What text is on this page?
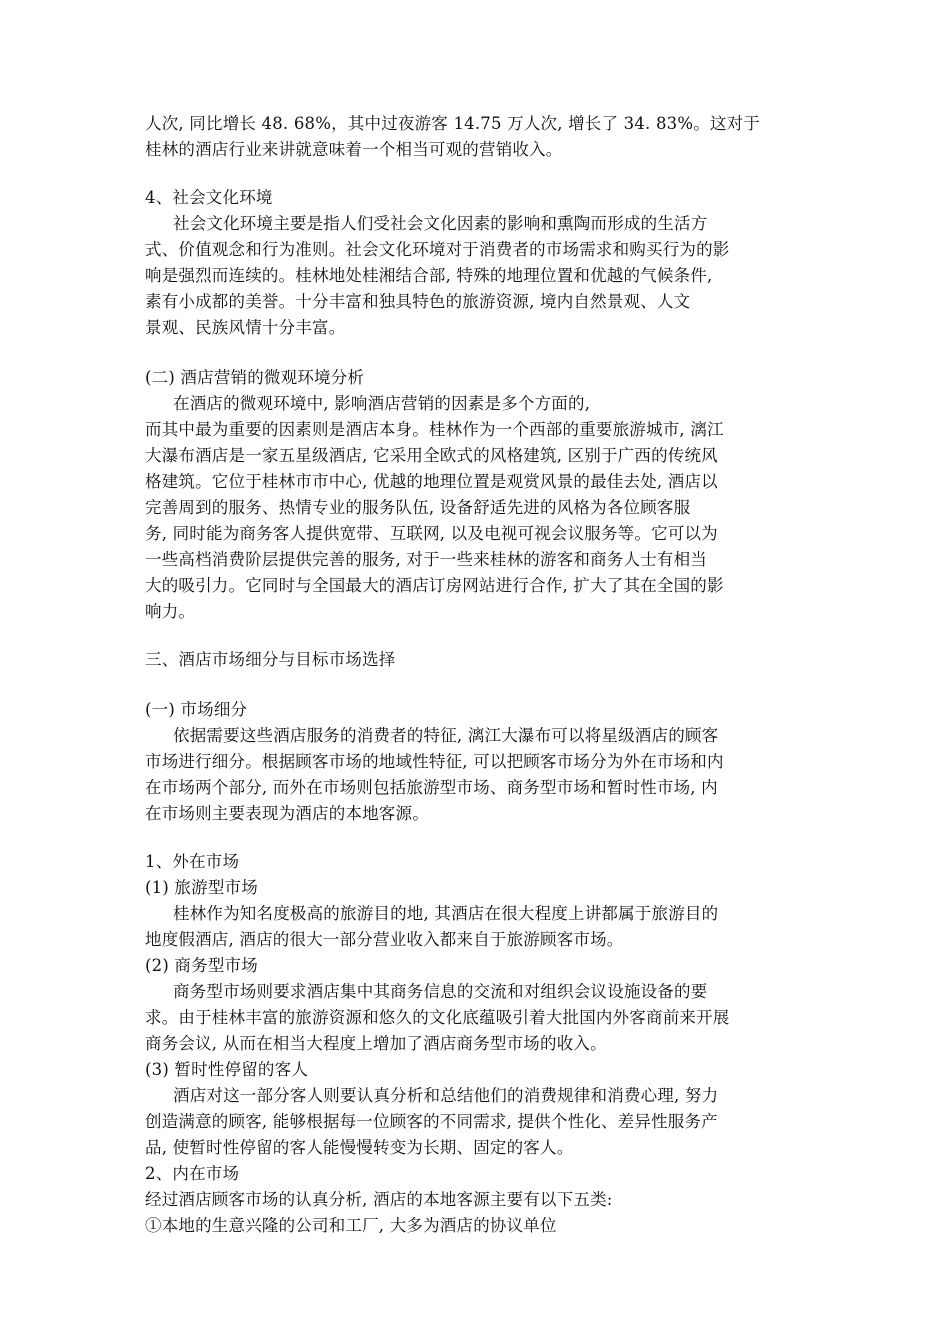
人次, 同比增长 48. 68%，其中过夜游客 14.75 万人次, 增长了 34. 83%。这对于
桂林的酒店行业来讲就意味着一个相当可观的营销收入。
4、社会文化环境
社会文化环境主要是指人们受社会文化因素的影响和熏陶而形成的生活方
式、价值观念和行为准则。社会文化环境对于消费者的市场需求和购买行为的影
响是强烈而连续的。桂林地处桂湘结合部, 特殊的地理位置和优越的气候条件,
素有小成都的美誉。十分丰富和独具特色的旅游资源, 境内自然景观、人文
景观、民族风情十分丰富。
(二) 酒店营销的微观环境分析
在酒店的微观环境中, 影响酒店营销的因素是多个方面的,
而其中最为重要的因素则是酒店本身。桂林作为一个西部的重要旅游城市, 漓江
大瀑布酒店是一家五星级酒店, 它采用全欧式的风格建筑, 区别于广西的传统风
格建筑。它位于桂林市市中心, 优越的地理位置是观赏风景的最佳去处, 酒店以
完善周到的服务、热情专业的服务队伍, 设备舒适先进的风格为各位顾客服
务, 同时能为商务客人提供宽带、互联网, 以及电视可视会议服务等。它可以为
一些高档消费阶层提供完善的服务, 对于一些来桂林的游客和商务人士有相当
大的吸引力。它同时与全国最大的酒店订房网站进行合作, 扩大了其在全国的影
响力。
三、酒店市场细分与目标市场选择
(一) 市场细分
依据需要这些酒店服务的消费者的特征, 漓江大瀑布可以将星级酒店的顾客
市场进行细分。根据顾客市场的地域性特征, 可以把顾客市场分为外在市场和内
在市场两个部分, 而外在市场则包括旅游型市场、商务型市场和暂时性市场, 内
在市场则主要表现为酒店的本地客源。
1、外在市场
(1) 旅游型市场
桂林作为知名度极高的旅游目的地, 其酒店在很大程度上讲都属于旅游目的
地度假酒店, 酒店的很大一部分营业收入都来自于旅游顾客市场。
(2) 商务型市场
商务型市场则要求酒店集中其商务信息的交流和对组织会议设施设备的要
求。由于桂林丰富的旅游资源和悠久的文化底蕴吸引着大批国内外客商前来开展
商务会议, 从而在相当大程度上增加了酒店商务型市场的收入。
(3) 暂时性停留的客人
酒店对这一部分客人则要认真分析和总结他们的消费规律和消费心理, 努力
创造满意的顾客, 能够根据每一位顾客的不同需求, 提供个性化、差异性服务产
品, 使暂时性停留的客人能慢慢转变为长期、固定的客人。
2、内在市场
经过酒店顾客市场的认真分析, 酒店的本地客源主要有以下五类:
①本地的生意兴隆的公司和工厂, 大多为酒店的协议单位
